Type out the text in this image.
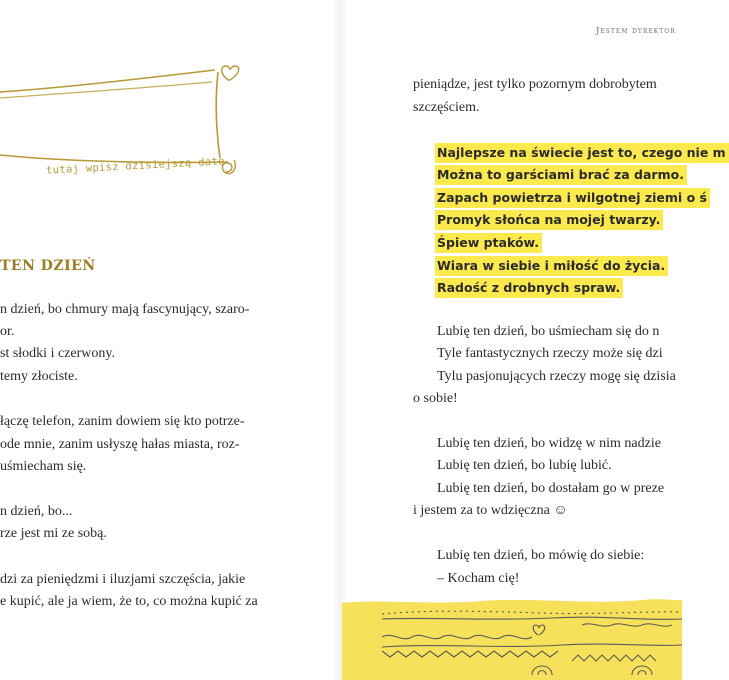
tutaj wpisz dzisiejszą datę
TEN DZIEŃ
n dzień, bo chmury mają fascynujący, szaro-
or.
st słodki i czerwony.
temy złociste.
łączę telefon, zanim dowiem się kto potrze-
ode mnie, zanim usłyszę hałas miasta, roz-
uśmiecham się.
n dzień, bo...
rze jest mi ze sobą.
dzi za pieniędzmi i iluzjami szczęścia, jakie
e kupić, ale ja wiem, że to, co można kupić za
Jestem dyrektor
pieniądze, jest tylko pozornym dobrobytem
szczęściem.
Najlepsze na świecie jest to, czego nie m
Można to garściami brać za darmo.
Zapach powietrza i wilgotnej ziemi o ś
Promyk słońca na mojej twarzy.
Śpiew ptaków.
Wiara w siebie i miłość do życia.
Radość z drobnych spraw.
Lubię ten dzień, bo uśmiecham się do n
Tyle fantastycznych rzeczy może się dzi
Tylu pasjonujących rzeczy mogę się dzisia
o sobie!
Lubię ten dzień, bo widzę w nim nadzie
Lubię ten dzień, bo lubię lubić.
Lubię ten dzień, bo dostałam go w preze
i jestem za to wdzięczna ☺
Lubię ten dzień, bo mówię do siebie:
– Kocham cię!
